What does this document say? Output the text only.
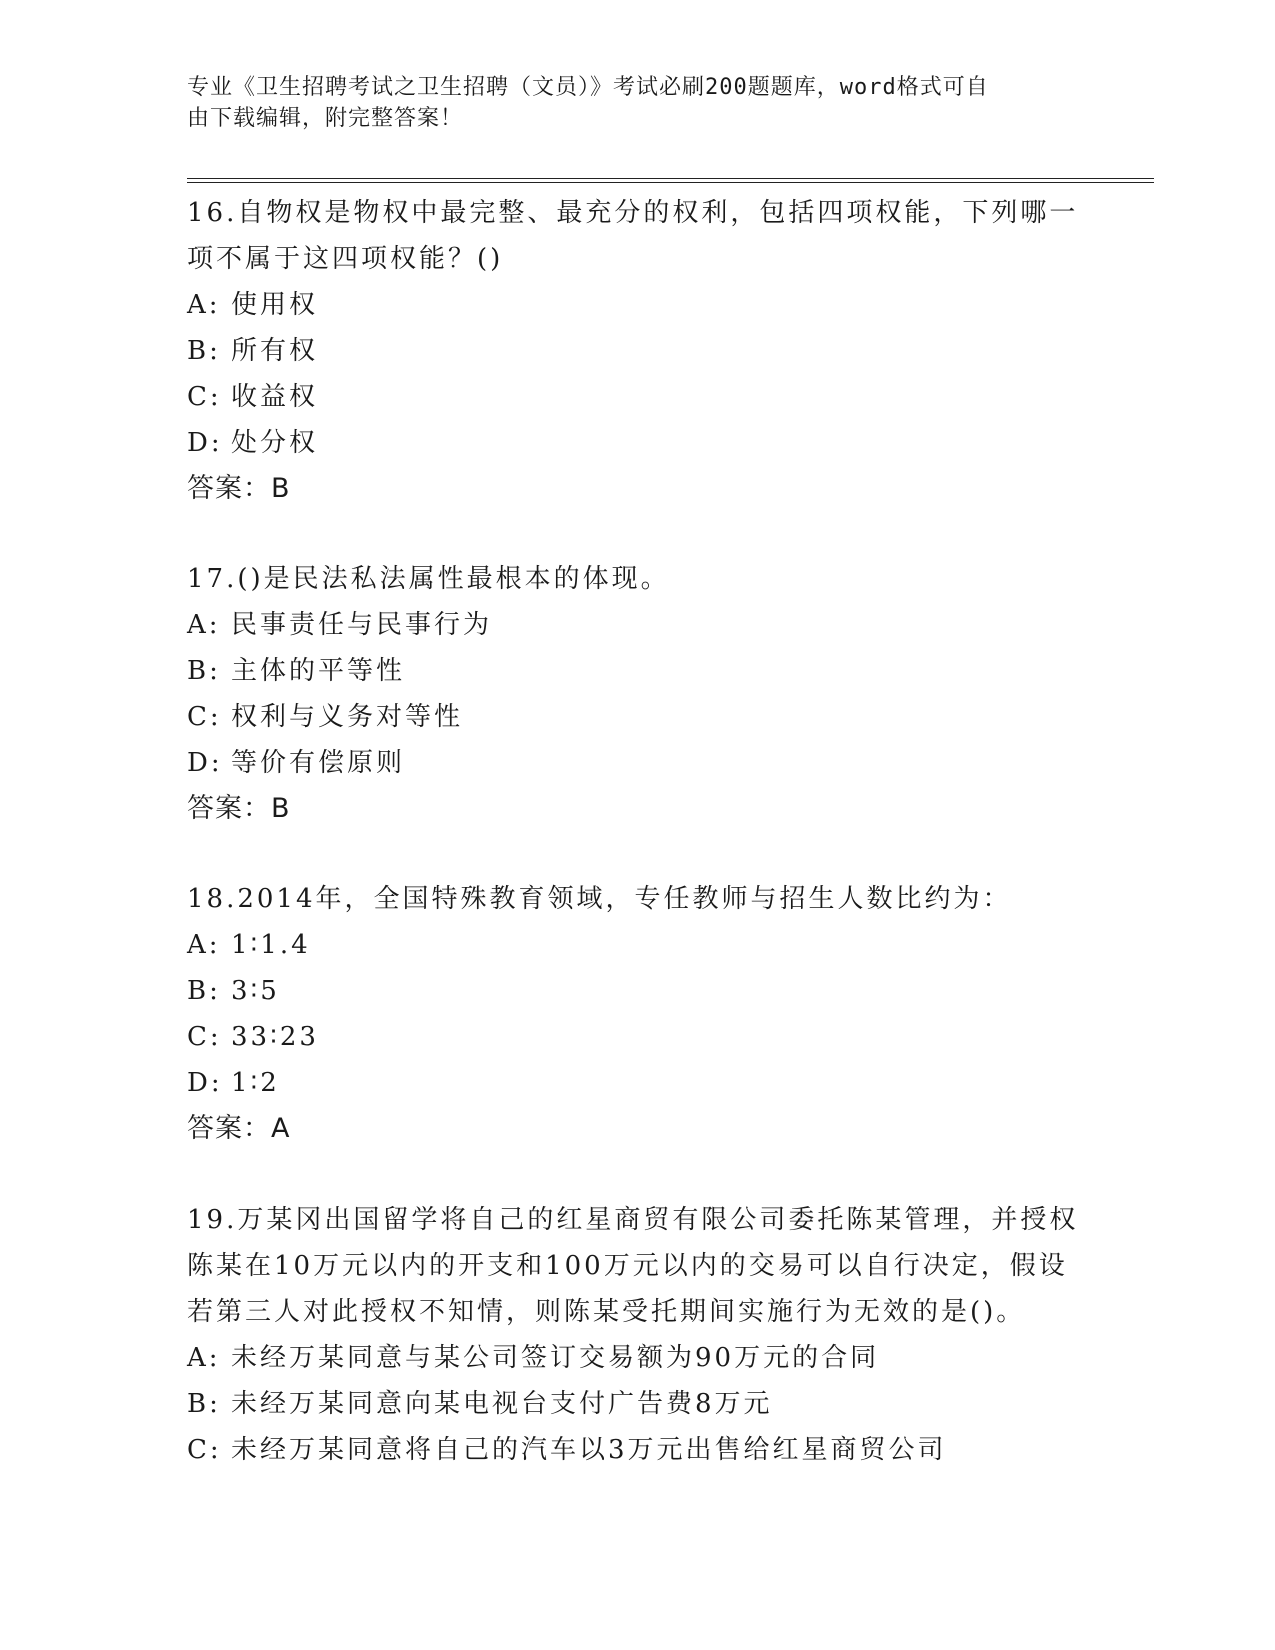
专业《卫生招聘考试之卫生招聘（文员）》考试必刷200题题库，word格式可自
由下载编辑，附完整答案！
16.自物权是物权中最完整、最充分的权利，包括四项权能，下列哪一项不属于这四项权能？()
A: 使用权
B: 所有权
C: 收益权
D: 处分权
答案：B
17.()是民法私法属性最根本的体现。
A: 民事责任与民事行为
B: 主体的平等性
C: 权利与义务对等性
D: 等价有偿原则
答案：B
18.2014年，全国特殊教育领域，专任教师与招生人数比约为：
A: 1∶1.4
B: 3∶5
C: 33∶23
D: 1∶2
答案：A
19.万某冈出国留学将自己的红星商贸有限公司委托陈某管理，并授权陈某在10万元以内的开支和100万元以内的交易可以自行决定，假设若第三人对此授权不知情，则陈某受托期间实施行为无效的是()。
A: 未经万某同意与某公司签订交易额为90万元的合同
B: 未经万某同意向某电视台支付广告费8万元
C: 未经万某同意将自己的汽车以3万元出售给红星商贸公司
